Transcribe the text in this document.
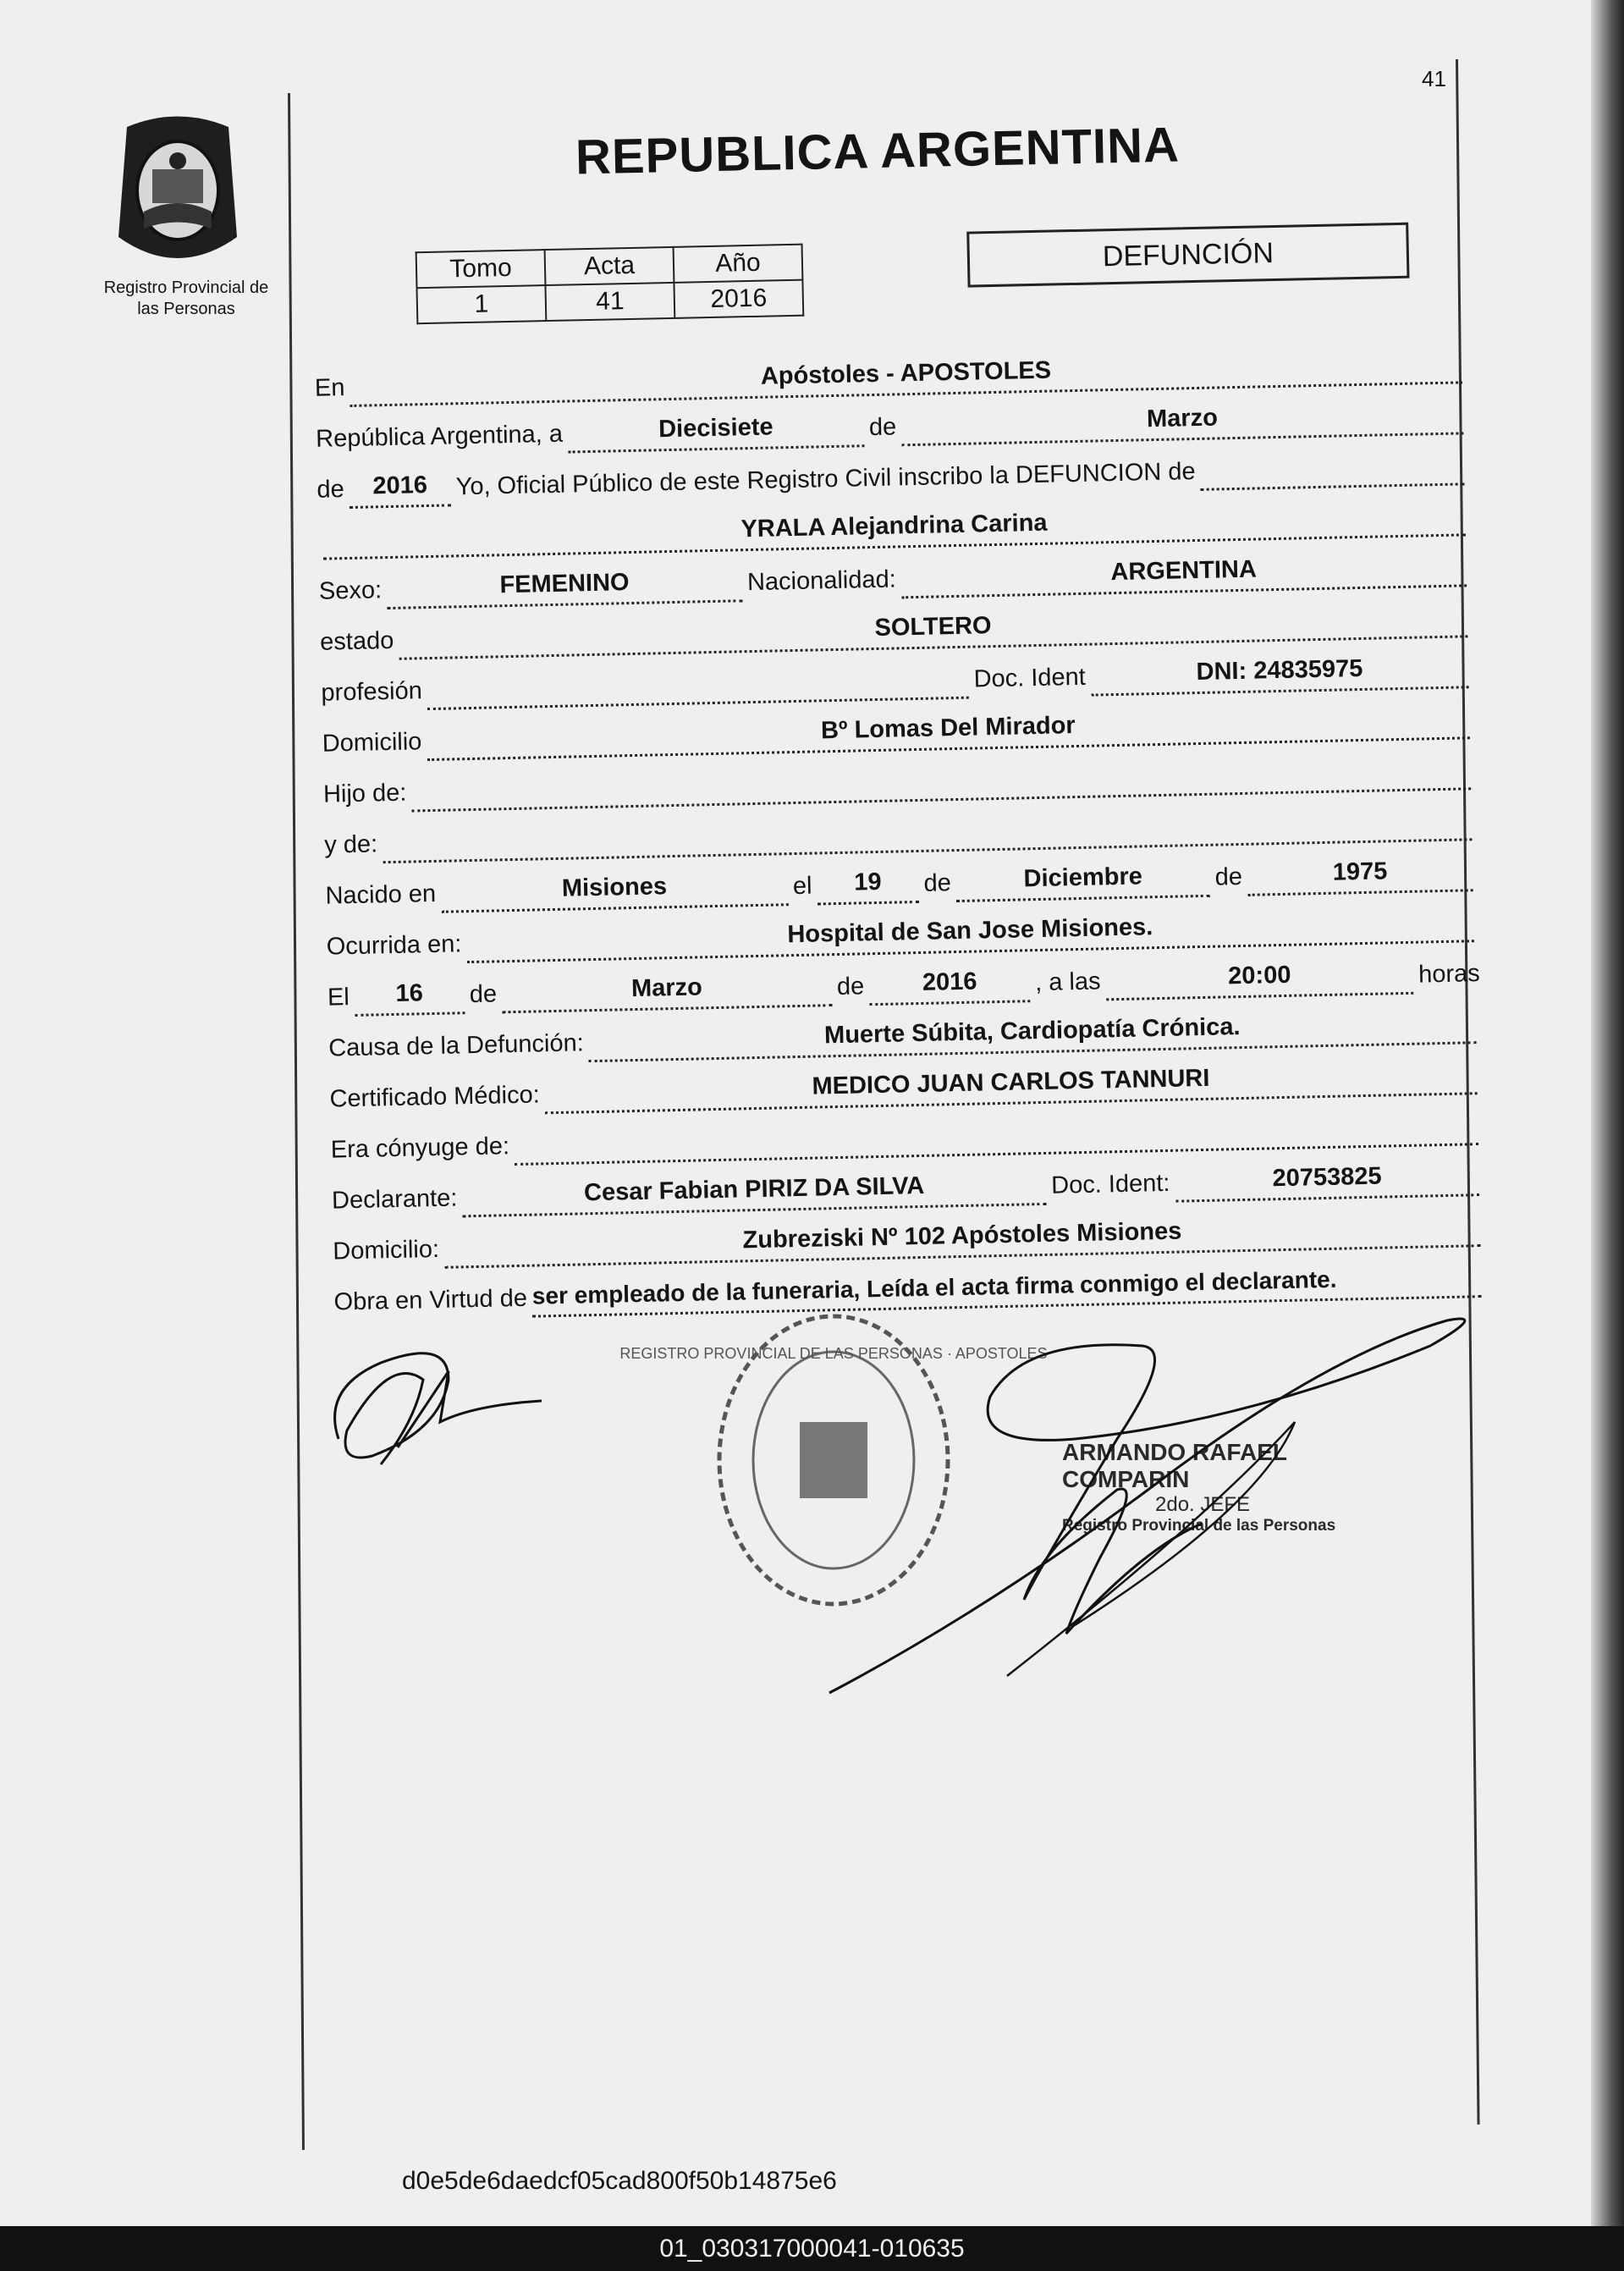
41
Registro Provincial de
las Personas
REPUBLICA ARGENTINA
Tomo	Acta	Año
1	41	2016
DEFUNCIÓN
En	Apóstoles - APOSTOLES
República Argentina, a	Diecisiete	de	Marzo
de	2016	Yo, Oficial Público de este Registro Civil inscribo la DEFUNCION de
YRALA Alejandrina Carina
Sexo:	FEMENINO	Nacionalidad:	ARGENTINA
estado	SOLTERO
profesión	Doc. Ident	DNI: 24835975
Domicilio	Bº Lomas Del Mirador
Hijo de:
y de:
Nacido en	Misiones	el	19	de	Diciembre	de	1975
Ocurrida en:	Hospital de San Jose Misiones.
El	16	de	Marzo	de	2016	, a las	20:00	horas
Causa de la Defunción:	Muerte Súbita, Cardiopatía Crónica.
Certificado Médico:	MEDICO JUAN CARLOS TANNURI
Era cónyuge de:
Declarante:	Cesar Fabian PIRIZ DA SILVA	Doc. Ident:	20753825
Domicilio:	Zubreziski Nº 102 Apóstoles Misiones
Obra en Virtud de ser empleado de la funeraria, Leída el acta firma conmigo el declarante.
REGISTRO PROVINCIAL DE LAS PERSONAS · APOSTOLES
ARMANDO RAFAEL COMPARIN
2do. JEFE
Registro Provincial de las Personas
d0e5de6daedcf05cad800f50b14875e6
01_030317000041-010635
